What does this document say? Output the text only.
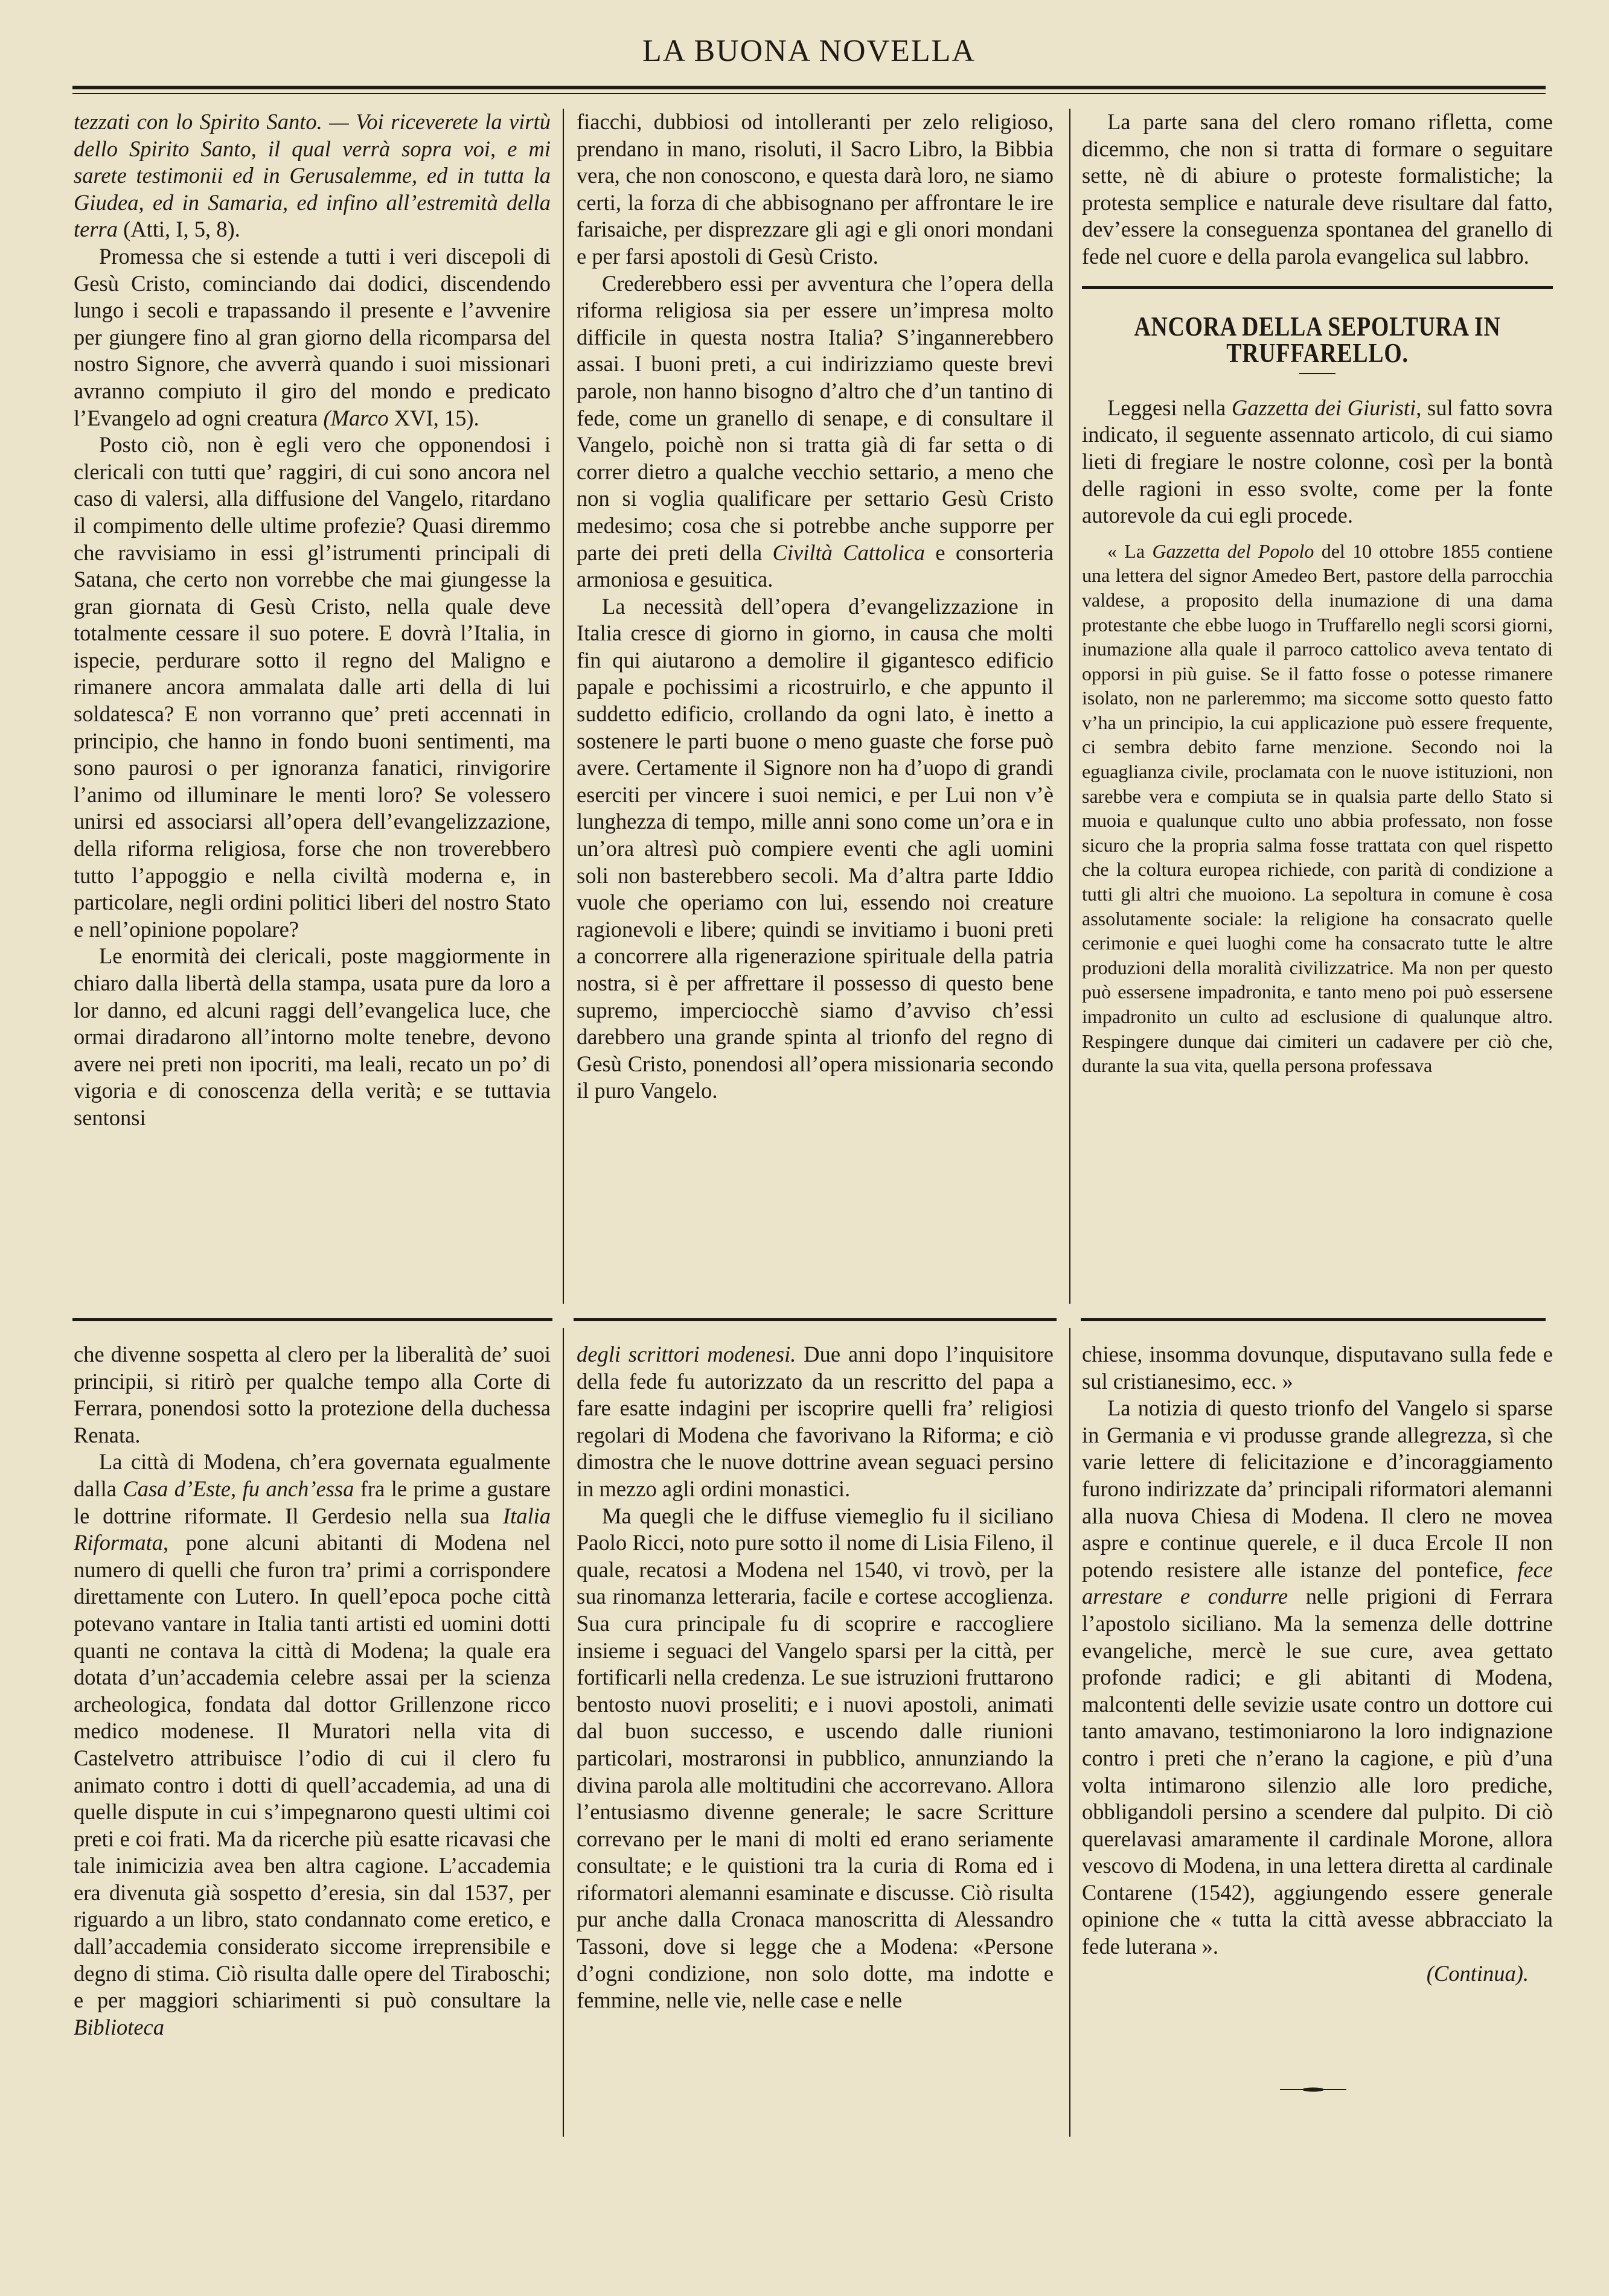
LA BUONA NOVELLA

tezzati con lo Spirito Santo. — Voi riceverete la virtù dello Spirito Santo, il qual verrà sopra voi, e mi sarete testimonii ed in Gerusalemme, ed in tutta la Giudea, ed in Samaria, ed infino all’estremità della terra (Atti, I, 5, 8).

Promessa che si estende a tutti i veri discepoli di Gesù Cristo, cominciando dai dodici, discendendo lungo i secoli e trapassando il presente e l’avvenire per giungere fino al gran giorno della ricomparsa del nostro Signore, che avverrà quando i suoi missionari avranno compiuto il giro del mondo e predicato l’Evangelo ad ogni creatura (Marco XVI, 15).

Posto ciò, non è egli vero che opponendosi i clericali con tutti que’ raggiri, di cui sono ancora nel caso di valersi, alla diffusione del Vangelo, ritardano il compimento delle ultime profezie? Quasi diremmo che ravvisiamo in essi gl’istrumenti principali di Satana, che certo non vorrebbe che mai giungesse la gran giornata di Gesù Cristo, nella quale deve totalmente cessare il suo potere. E dovrà l’Italia, in ispecie, perdurare sotto il regno del Maligno e rimanere ancora ammalata dalle arti della di lui soldatesca? E non vorranno que’ preti accennati in principio, che hanno in fondo buoni sentimenti, ma sono paurosi o per ignoranza fanatici, rinvigorire l’animo od illuminare le menti loro? Se volessero unirsi ed associarsi all’opera dell’evangelizzazione, della riforma religiosa, forse che non troverebbero tutto l’appoggio e nella civiltà moderna e, in particolare, negli ordini politici liberi del nostro Stato e nell’opinione popolare?

Le enormità dei clericali, poste maggiormente in chiaro dalla libertà della stampa, usata pure da loro a lor danno, ed alcuni raggi dell’evangelica luce, che ormai diradarono all’intorno molte tenebre, devono avere nei preti non ipocriti, ma leali, recato un po’ di vigoria e di conoscenza della verità; e se tuttavia sentonsi

fiacchi, dubbiosi od intolleranti per zelo religioso, prendano in mano, risoluti, il Sacro Libro, la Bibbia vera, che non conoscono, e questa darà loro, ne siamo certi, la forza di che abbisognano per affrontare le ire farisaiche, per disprezzare gli agi e gli onori mondani e per farsi apostoli di Gesù Cristo.

Crederebbero essi per avventura che l’opera della riforma religiosa sia per essere un’impresa molto difficile in questa nostra Italia? S’ingannerebbero assai. I buoni preti, a cui indirizziamo queste brevi parole, non hanno bisogno d’altro che d’un tantino di fede, come un granello di senape, e di consultare il Vangelo, poichè non si tratta già di far setta o di correr dietro a qualche vecchio settario, a meno che non si voglia qualificare per settario Gesù Cristo medesimo; cosa che si potrebbe anche supporre per parte dei preti della Civiltà Cattolica e consorteria armoniosa e gesuitica.

La necessità dell’opera d’evangelizzazione in Italia cresce di giorno in giorno, in causa che molti fin qui aiutarono a demolire il gigantesco edificio papale e pochissimi a ricostruirlo, e che appunto il suddetto edificio, crollando da ogni lato, è inetto a sostenere le parti buone o meno guaste che forse può avere. Certamente il Signore non ha d’uopo di grandi eserciti per vincere i suoi nemici, e per Lui non v’è lunghezza di tempo, mille anni sono come un’ora e in un’ora altresì può compiere eventi che agli uomini soli non basterebbero secoli. Ma d’altra parte Iddio vuole che operiamo con lui, essendo noi creature ragionevoli e libere; quindi se invitiamo i buoni preti a concorrere alla rigenerazione spirituale della patria nostra, si è per affrettare il possesso di questo bene supremo, imperciocchè siamo d’avviso ch’essi darebbero una grande spinta al trionfo del regno di Gesù Cristo, ponendosi all’opera missionaria secondo il puro Vangelo.

La parte sana del clero romano rifletta, come dicemmo, che non si tratta di formare o seguitare sette, nè di abiure o proteste formalistiche; la protesta semplice e naturale deve risultare dal fatto, dev’essere la conseguenza spontanea del granello di fede nel cuore e della parola evangelica sul labbro.

ANCORA DELLA SEPOLTURA IN TRUFFARELLO.

Leggesi nella Gazzetta dei Giuristi, sul fatto sovra indicato, il seguente assennato articolo, di cui siamo lieti di fregiare le nostre colonne, così per la bontà delle ragioni in esso svolte, come per la fonte autorevole da cui egli procede.

« La Gazzetta del Popolo del 10 ottobre 1855 contiene una lettera del signor Amedeo Bert, pastore della parrocchia valdese, a proposito della inumazione di una dama protestante che ebbe luogo in Truffarello negli scorsi giorni, inumazione alla quale il parroco cattolico aveva tentato di opporsi in più guise. Se il fatto fosse o potesse rimanere isolato, non ne parleremmo; ma siccome sotto questo fatto v’ha un principio, la cui applicazione può essere frequente, ci sembra debito farne menzione. Secondo noi la eguaglianza civile, proclamata con le nuove istituzioni, non sarebbe vera e compiuta se in qualsia parte dello Stato si muoia e qualunque culto uno abbia professato, non fosse sicuro che la propria salma fosse trattata con quel rispetto che la coltura europea richiede, con parità di condizione a tutti gli altri che muoiono. La sepoltura in comune è cosa assolutamente sociale: la religione ha consacrato quelle cerimonie e quei luoghi come ha consacrato tutte le altre produzioni della moralità civilizzatrice. Ma non per questo può essersene impadronita, e tanto meno poi può essersene impadronito un culto ad esclusione di qualunque altro. Respingere dunque dai cimiteri un cadavere per ciò che, durante la sua vita, quella persona professava

che divenne sospetta al clero per la liberalità de’ suoi principii, si ritirò per qualche tempo alla Corte di Ferrara, ponendosi sotto la protezione della duchessa Renata.

La città di Modena, ch’era governata egualmente dalla Casa d’Este, fu anch’essa fra le prime a gustare le dottrine riformate. Il Gerdesio nella sua Italia Riformata, pone alcuni abitanti di Modena nel numero di quelli che furon tra’ primi a corrispondere direttamente con Lutero. In quell’epoca poche città potevano vantare in Italia tanti artisti ed uomini dotti quanti ne contava la città di Modena; la quale era dotata d’un’accademia celebre assai per la scienza archeologica, fondata dal dottor Grillenzone ricco medico modenese. Il Muratori nella vita di Castelvetro attribuisce l’odio di cui il clero fu animato contro i dotti di quell’accademia, ad una di quelle dispute in cui s’impegnarono questi ultimi coi preti e coi frati. Ma da ricerche più esatte ricavasi che tale inimicizia avea ben altra cagione. L’accademia era divenuta già sospetto d’eresia, sin dal 1537, per riguardo a un libro, stato condannato come eretico, e dall’accademia considerato siccome irreprensibile e degno di stima. Ciò risulta dalle opere del Tiraboschi; e per maggiori schiarimenti si può consultare la Biblioteca

degli scrittori modenesi. Due anni dopo l’inquisitore della fede fu autorizzato da un rescritto del papa a fare esatte indagini per iscoprire quelli fra’ religiosi regolari di Modena che favorivano la Riforma; e ciò dimostra che le nuove dottrine avean seguaci persino in mezzo agli ordini monastici.

Ma quegli che le diffuse viemeglio fu il siciliano Paolo Ricci, noto pure sotto il nome di Lisia Fileno, il quale, recatosi a Modena nel 1540, vi trovò, per la sua rinomanza letteraria, facile e cortese accoglienza. Sua cura principale fu di scoprire e raccogliere insieme i seguaci del Vangelo sparsi per la città, per fortificarli nella credenza. Le sue istruzioni fruttarono bentosto nuovi proseliti; e i nuovi apostoli, animati dal buon successo, e uscendo dalle riunioni particolari, mostraronsi in pubblico, annunziando la divina parola alle moltitudini che accorrevano. Allora l’entusiasmo divenne generale; le sacre Scritture correvano per le mani di molti ed erano seriamente consultate; e le quistioni tra la curia di Roma ed i riformatori alemanni esaminate e discusse. Ciò risulta pur anche dalla Cronaca manoscritta di Alessandro Tassoni, dove si legge che a Modena: «Persone d’ogni condizione, non solo dotte, ma indotte e femmine, nelle vie, nelle case e nelle

chiese, insomma dovunque, disputavano sulla fede e sul cristianesimo, ecc. »

La notizia di questo trionfo del Vangelo si sparse in Germania e vi produsse grande allegrezza, sì che varie lettere di felicitazione e d’incoraggiamento furono indirizzate da’ principali riformatori alemanni alla nuova Chiesa di Modena. Il clero ne movea aspre e continue querele, e il duca Ercole II non potendo resistere alle istanze del pontefice, fece arrestare e condurre nelle prigioni di Ferrara l’apostolo siciliano. Ma la semenza delle dottrine evangeliche, mercè le sue cure, avea gettato profonde radici; e gli abitanti di Modena, malcontenti delle sevizie usate contro un dottore cui tanto amavano, testimoniarono la loro indignazione contro i preti che n’erano la cagione, e più d’una volta intimarono silenzio alle loro prediche, obbligandoli persino a scendere dal pulpito. Di ciò querelavasi amaramente il cardinale Morone, allora vescovo di Modena, in una lettera diretta al cardinale Contarene (1542), aggiungendo essere generale opinione che « tutta la città avesse abbracciato la fede luterana ».

(Continua).
